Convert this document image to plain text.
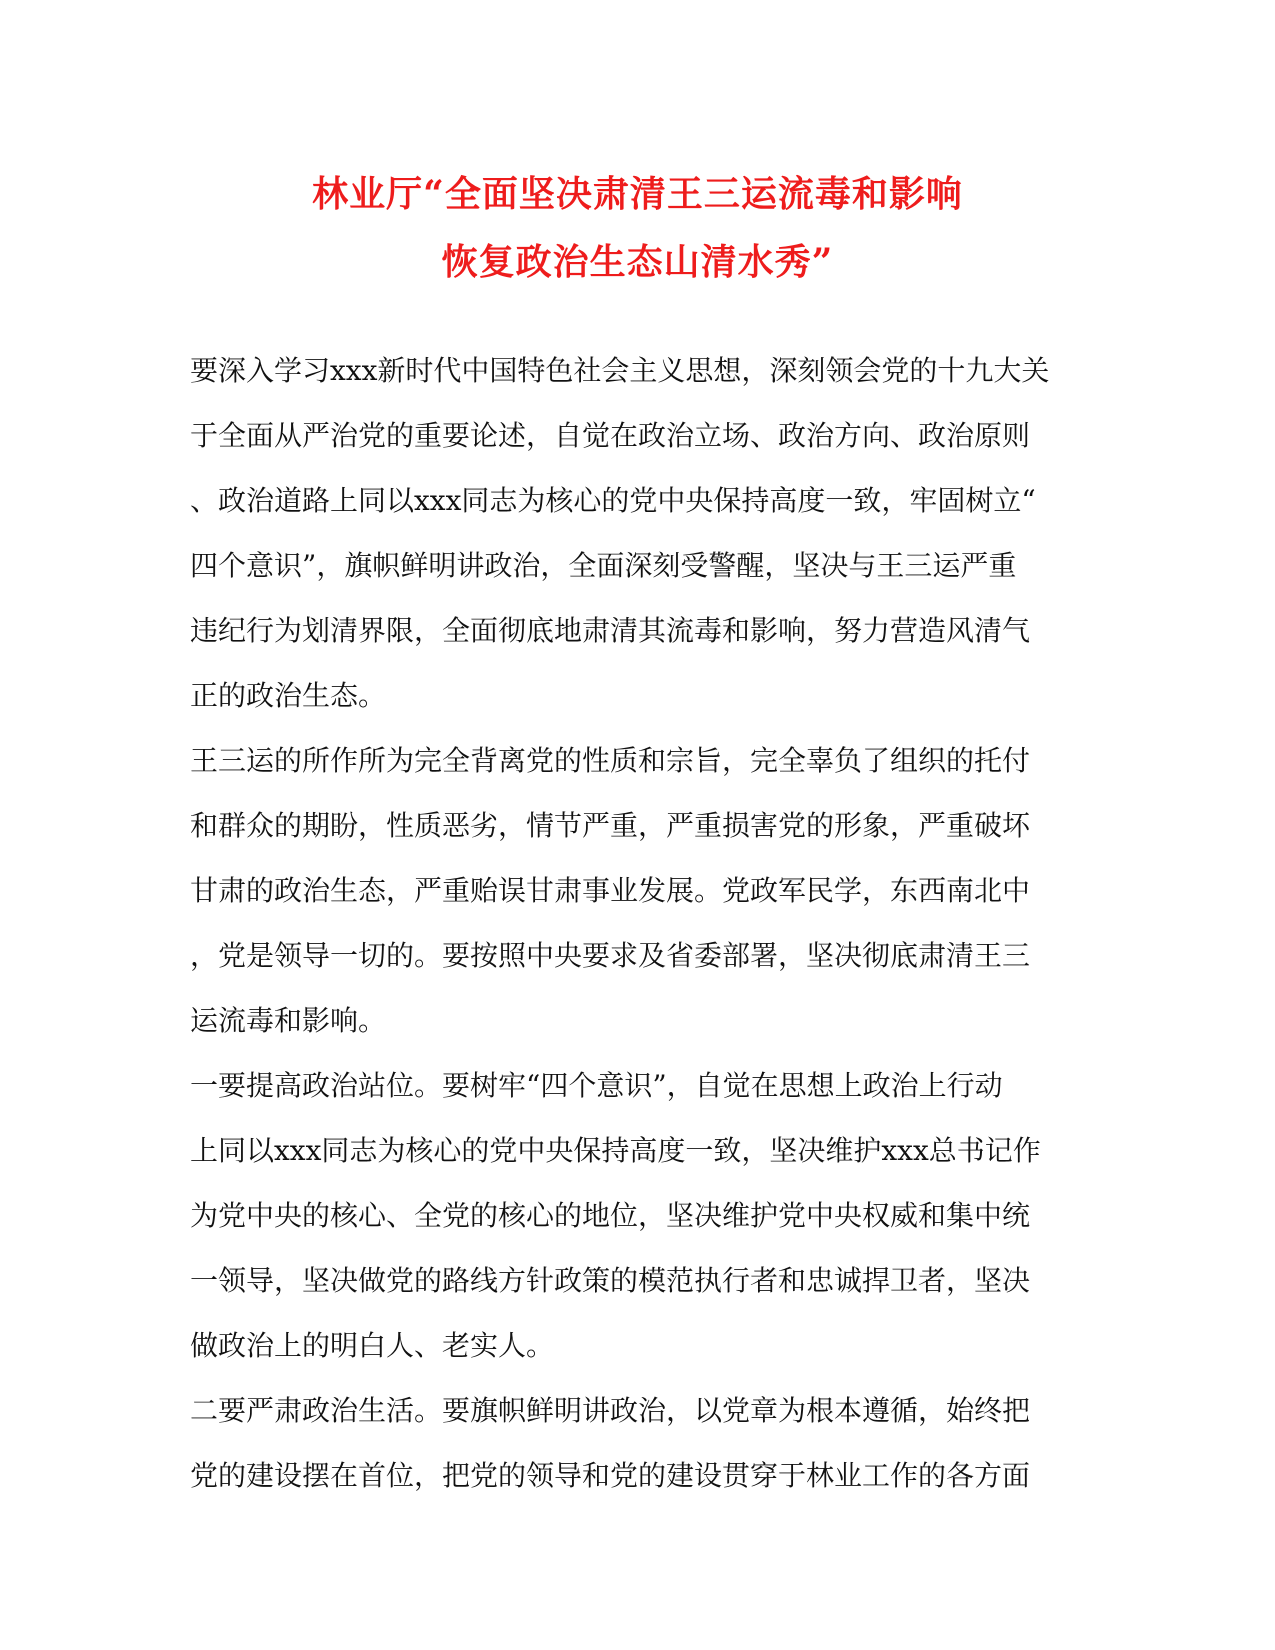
林业厅“全面坚决肃清王三运流毒和影响
恢复政治生态山清水秀”
要深入学习xxx新时代中国特色社会主义思想，深刻领会党的十九大关
于全面从严治党的重要论述，自觉在政治立场、政治方向、政治原则
、政治道路上同以xxx同志为核心的党中央保持高度一致，牢固树立“
四个意识”，旗帜鲜明讲政治，全面深刻受警醒，坚决与王三运严重
违纪行为划清界限，全面彻底地肃清其流毒和影响，努力营造风清气
正的政治生态。
王三运的所作所为完全背离党的性质和宗旨，完全辜负了组织的托付
和群众的期盼，性质恶劣，情节严重，严重损害党的形象，严重破坏
甘肃的政治生态，严重贻误甘肃事业发展。党政军民学，东西南北中
，党是领导一切的。要按照中央要求及省委部署，坚决彻底肃清王三
运流毒和影响。
一要提高政治站位。要树牢“四个意识”，自觉在思想上政治上行动
上同以xxx同志为核心的党中央保持高度一致，坚决维护xxx总书记作
为党中央的核心、全党的核心的地位，坚决维护党中央权威和集中统
一领导，坚决做党的路线方针政策的模范执行者和忠诚捍卫者，坚决
做政治上的明白人、老实人。
二要严肃政治生活。要旗帜鲜明讲政治，以党章为根本遵循，始终把
党的建设摆在首位，把党的领导和党的建设贯穿于林业工作的各方面
